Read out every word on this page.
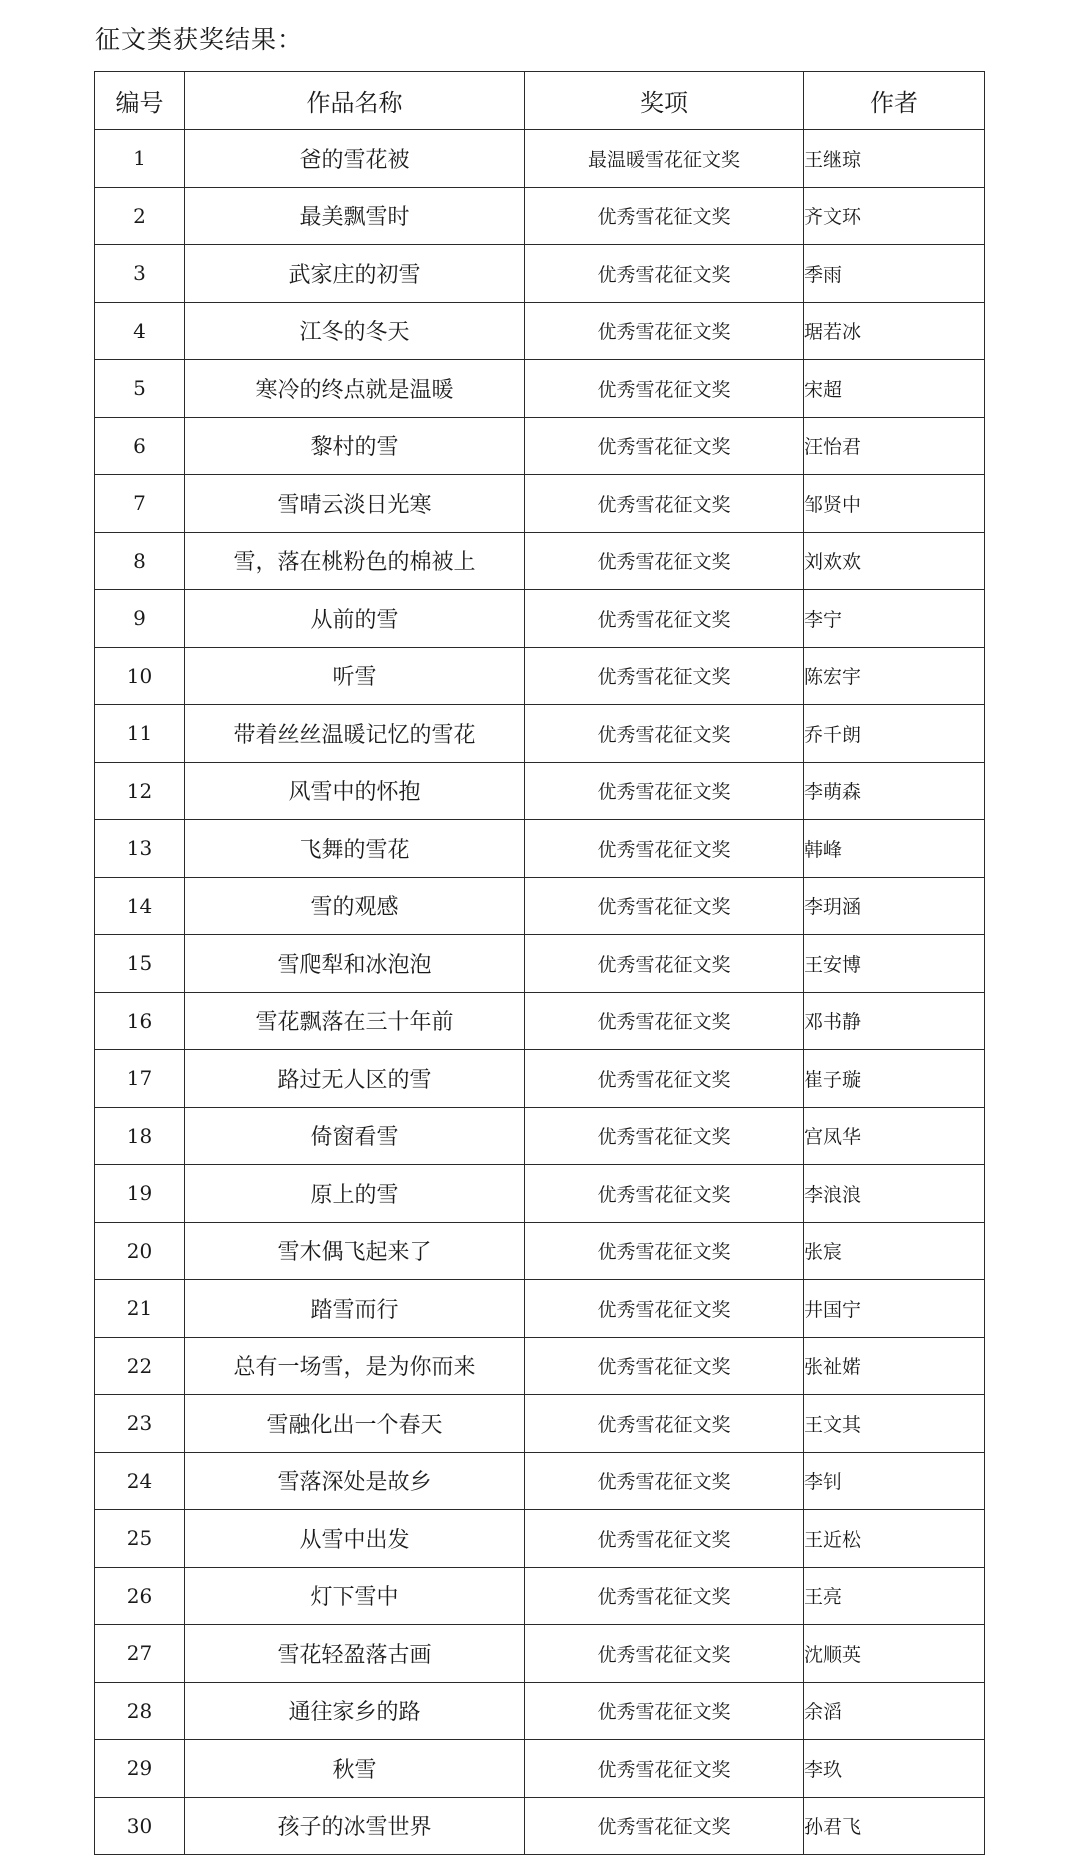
征文类获奖结果：
编号	作品名称	奖项	作者
1	爸的雪花被	最温暖雪花征文奖	王继琼
2	最美飘雪时	优秀雪花征文奖	齐文环
3	武家庄的初雪	优秀雪花征文奖	季雨
4	江冬的冬天	优秀雪花征文奖	琚若冰
5	寒冷的终点就是温暖	优秀雪花征文奖	宋超
6	黎村的雪	优秀雪花征文奖	汪怡君
7	雪晴云淡日光寒	优秀雪花征文奖	邹贤中
8	雪，落在桃粉色的棉被上	优秀雪花征文奖	刘欢欢
9	从前的雪	优秀雪花征文奖	李宁
10	听雪	优秀雪花征文奖	陈宏宇
11	带着丝丝温暖记忆的雪花	优秀雪花征文奖	乔千朗
12	风雪中的怀抱	优秀雪花征文奖	李萌森
13	飞舞的雪花	优秀雪花征文奖	韩峰
14	雪的观感	优秀雪花征文奖	李玥涵
15	雪爬犁和冰泡泡	优秀雪花征文奖	王安博
16	雪花飘落在三十年前	优秀雪花征文奖	邓书静
17	路过无人区的雪	优秀雪花征文奖	崔子璇
18	倚窗看雪	优秀雪花征文奖	宫凤华
19	原上的雪	优秀雪花征文奖	李浪浪
20	雪木偶飞起来了	优秀雪花征文奖	张宸
21	踏雪而行	优秀雪花征文奖	井国宁
22	总有一场雪，是为你而来	优秀雪花征文奖	张祉婼
23	雪融化出一个春天	优秀雪花征文奖	王文其
24	雪落深处是故乡	优秀雪花征文奖	李钊
25	从雪中出发	优秀雪花征文奖	王近松
26	灯下雪中	优秀雪花征文奖	王亮
27	雪花轻盈落古画	优秀雪花征文奖	沈顺英
28	通往家乡的路	优秀雪花征文奖	余滔
29	秋雪	优秀雪花征文奖	李玖
30	孩子的冰雪世界	优秀雪花征文奖	孙君飞
